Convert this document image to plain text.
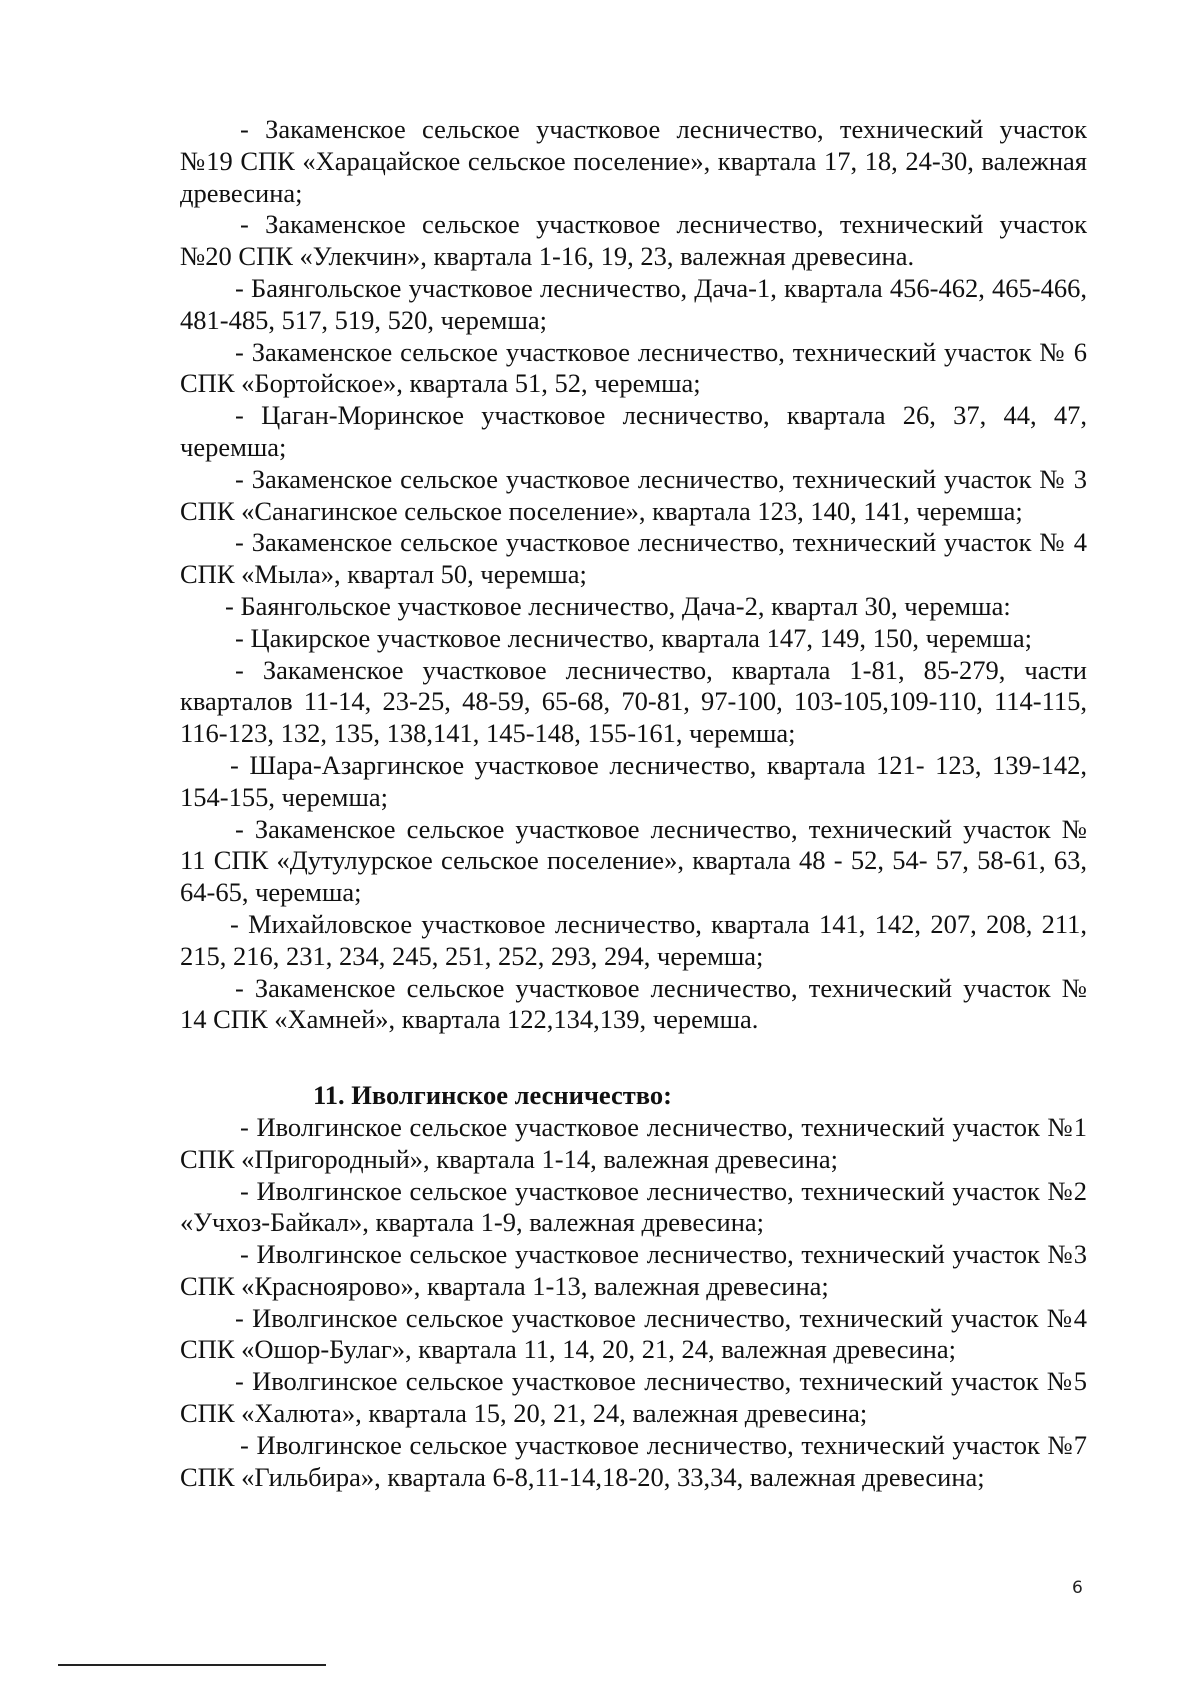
- Закаменское сельское участковое лесничество, технический участок №19 СПК «Харацайское сельское поселение», квартала 17, 18, 24-30, валежная древесина;

- Закаменское сельское участковое лесничество, технический участок №20 СПК «Улекчин», квартала 1-16, 19, 23, валежная древесина.

- Баянгольское участковое лесничество, Дача-1, квартала 456-462, 465-466, 481-485, 517, 519, 520, черемша;

- Закаменское сельское участковое лесничество, технический участок № 6 СПК «Бортойское», квартала 51, 52, черемша;

- Цаган-Моринское участковое лесничество, квартала 26, 37, 44, 47, черемша;

- Закаменское сельское участковое лесничество, технический участок № 3 СПК «Санагинское сельское поселение», квартала 123, 140, 141, черемша;

- Закаменское сельское участковое лесничество, технический участок № 4 СПК «Мыла», квартал 50, черемша;

- Баянгольское участковое лесничество, Дача-2, квартал 30, черемша:

- Цакирское участковое лесничество, квартала 147, 149, 150, черемша;

- Закаменское участковое лесничество, квартала 1-81, 85-279, части кварталов 11-14, 23-25, 48-59, 65-68, 70-81, 97-100, 103-105,109-110, 114-115, 116-123, 132, 135, 138,141, 145-148, 155-161, черемша;

- Шара-Азаргинское участковое лесничество, квартала 121- 123, 139-142, 154-155, черемша;

- Закаменское сельское участковое лесничество, технический участок № 11 СПК «Дутулурское сельское поселение», квартала 48 - 52, 54- 57, 58-61, 63, 64-65, черемша;

- Михайловское участковое лесничество, квартала 141, 142, 207, 208, 211, 215, 216, 231, 234, 245, 251, 252, 293, 294, черемша;

- Закаменское сельское участковое лесничество, технический участок № 14 СПК «Хамней», квартала 122,134,139, черемша.

11. Иволгинское лесничество:

- Иволгинское сельское участковое лесничество, технический участок №1 СПК «Пригородный», квартала 1-14, валежная древесина;

- Иволгинское сельское участковое лесничество, технический участок №2 «Учхоз-Байкал», квартала 1-9, валежная древесина;

- Иволгинское сельское участковое лесничество, технический участок №3 СПК «Краснoярово», квартала 1-13, валежная древесина;

- Иволгинское сельское участковое лесничество, технический участок №4 СПК «Ошор-Булаг», квартала 11, 14, 20, 21, 24, валежная древесина;

- Иволгинское сельское участковое лесничество, технический участок №5 СПК «Халюта», квартала 15, 20, 21, 24, валежная древесина;

- Иволгинское сельское участковое лесничество, технический участок №7 СПК «Гильбира», квартала 6-8,11-14,18-20, 33,34, валежная древесина;

6
